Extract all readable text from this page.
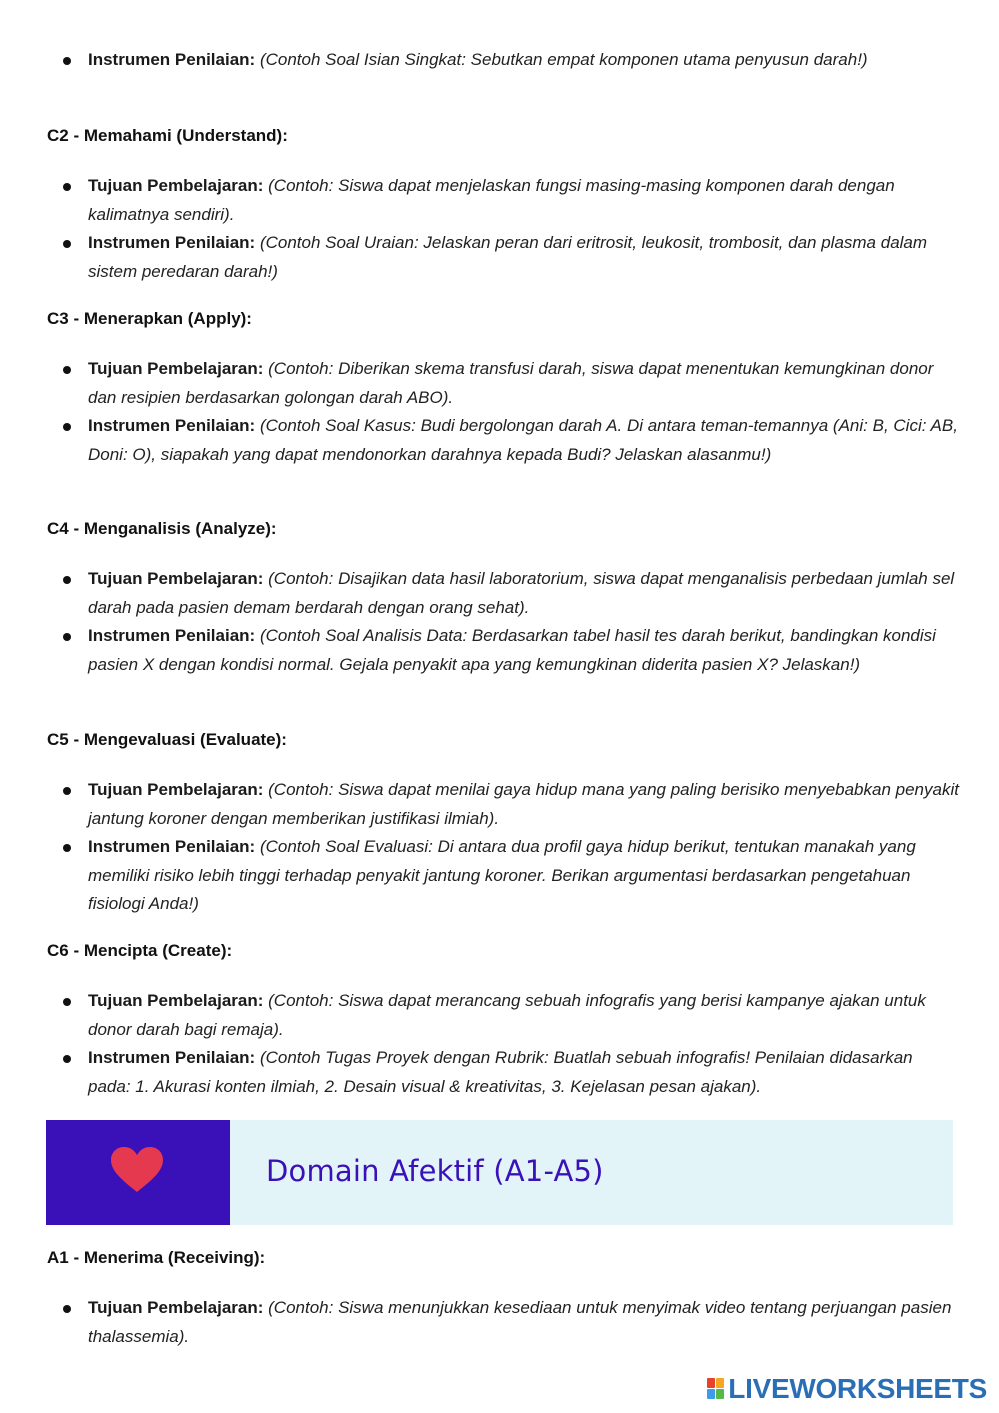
Instrumen Penilaian: (Contoh Soal Isian Singkat: Sebutkan empat komponen utama penyusun darah!)
C2 - Memahami (Understand):
Tujuan Pembelajaran: (Contoh: Siswa dapat menjelaskan fungsi masing-masing komponen darah dengan kalimatnya sendiri).
Instrumen Penilaian: (Contoh Soal Uraian: Jelaskan peran dari eritrosit, leukosit, trombosit, dan plasma dalam sistem peredaran darah!)
C3 - Menerapkan (Apply):
Tujuan Pembelajaran: (Contoh: Diberikan skema transfusi darah, siswa dapat menentukan kemungkinan donor dan resipien berdasarkan golongan darah ABO).
Instrumen Penilaian: (Contoh Soal Kasus: Budi bergolongan darah A. Di antara teman-temannya (Ani: B, Cici: AB, Doni: O), siapakah yang dapat mendonorkan darahnya kepada Budi? Jelaskan alasanmu!)
C4 - Menganalisis (Analyze):
Tujuan Pembelajaran: (Contoh: Disajikan data hasil laboratorium, siswa dapat menganalisis perbedaan jumlah sel darah pada pasien demam berdarah dengan orang sehat).
Instrumen Penilaian: (Contoh Soal Analisis Data: Berdasarkan tabel hasil tes darah berikut, bandingkan kondisi pasien X dengan kondisi normal. Gejala penyakit apa yang kemungkinan diderita pasien X? Jelaskan!)
C5 - Mengevaluasi (Evaluate):
Tujuan Pembelajaran: (Contoh: Siswa dapat menilai gaya hidup mana yang paling berisiko menyebabkan penyakit jantung koroner dengan memberikan justifikasi ilmiah).
Instrumen Penilaian: (Contoh Soal Evaluasi: Di antara dua profil gaya hidup berikut, tentukan manakah yang memiliki risiko lebih tinggi terhadap penyakit jantung koroner. Berikan argumentasi berdasarkan pengetahuan fisiologi Anda!)
C6 - Mencipta (Create):
Tujuan Pembelajaran: (Contoh: Siswa dapat merancang sebuah infografis yang berisi kampanye ajakan untuk donor darah bagi remaja).
Instrumen Penilaian: (Contoh Tugas Proyek dengan Rubrik: Buatlah sebuah infografis! Penilaian didasarkan pada: 1. Akurasi konten ilmiah, 2. Desain visual & kreativitas, 3. Kejelasan pesan ajakan).
Domain Afektif (A1-A5)
A1 - Menerima (Receiving):
Tujuan Pembelajaran: (Contoh: Siswa menunjukkan kesediaan untuk menyimak video tentang perjuangan pasien thalassemia).
LIVEWORKSHEETS
